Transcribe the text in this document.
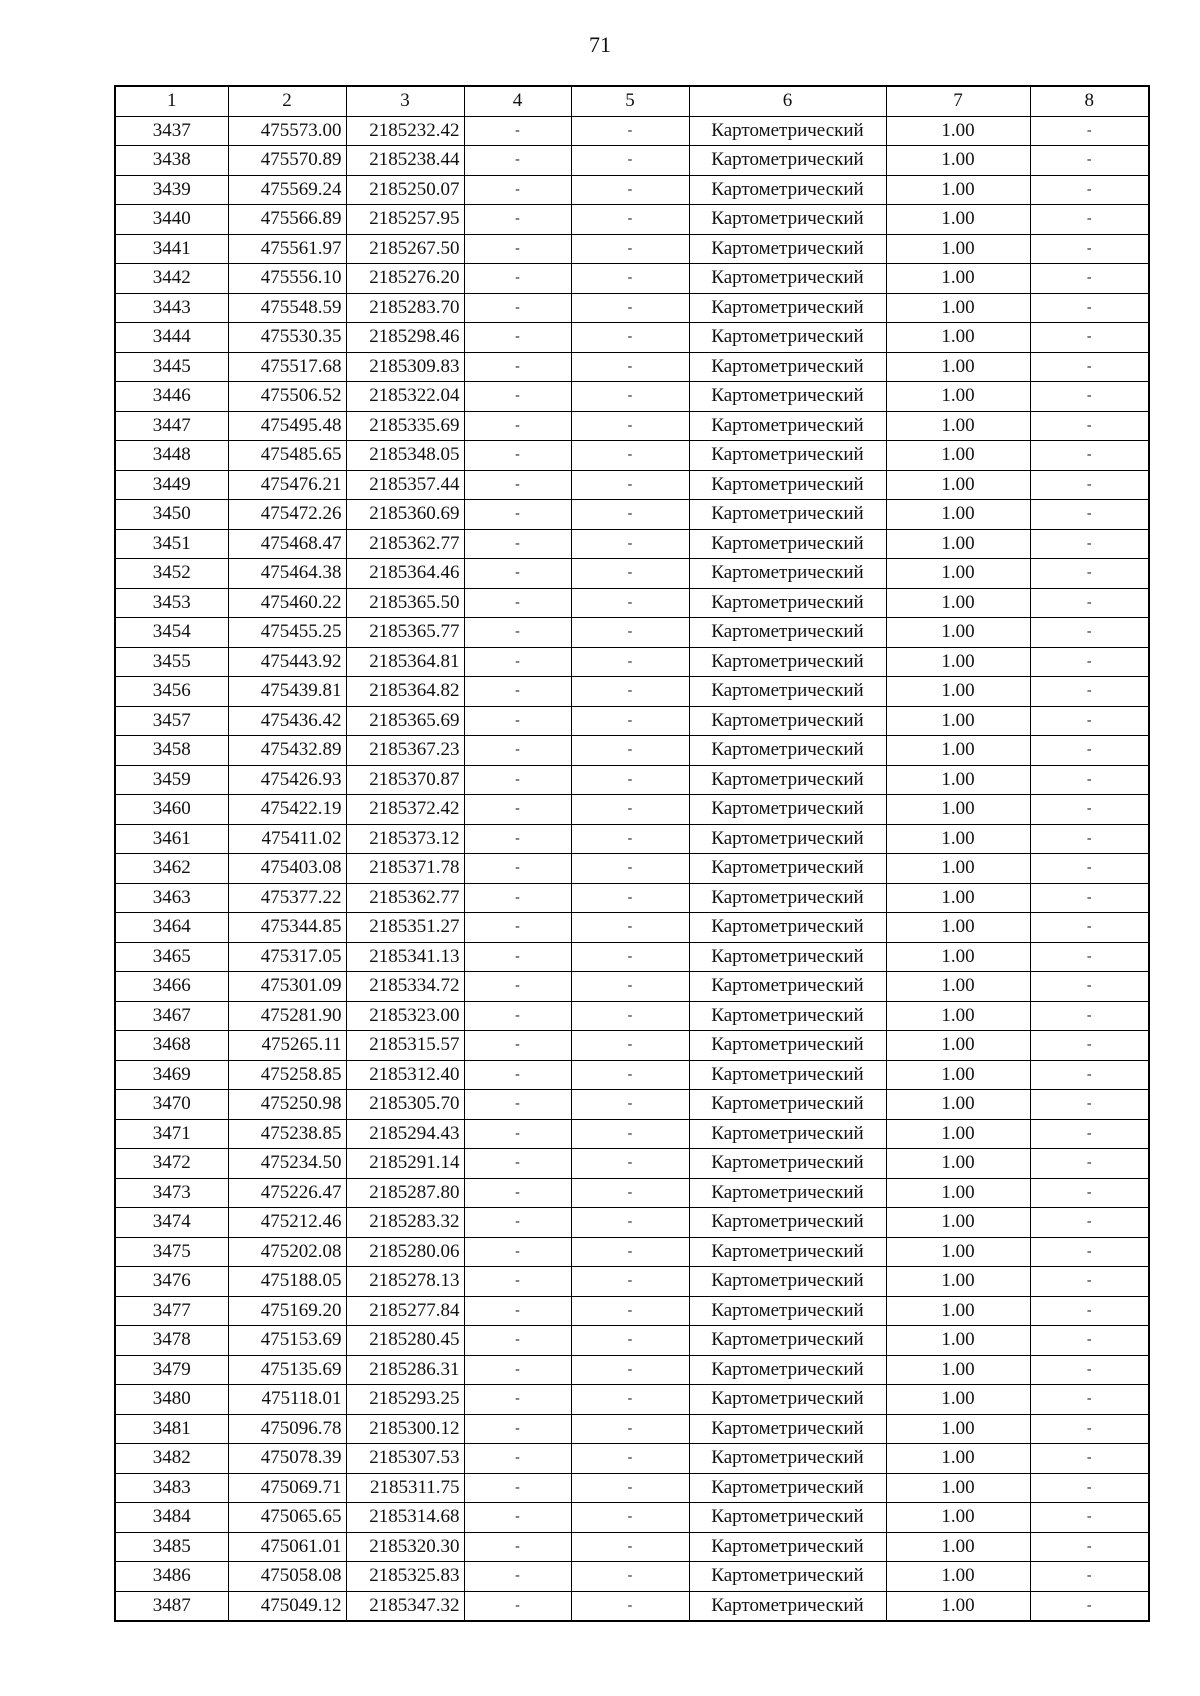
71
1	2	3	4	5	6	7	8
3437	475573.00	2185232.42	-	-	Картометрический	1.00	-
3438	475570.89	2185238.44	-	-	Картометрический	1.00	-
3439	475569.24	2185250.07	-	-	Картометрический	1.00	-
3440	475566.89	2185257.95	-	-	Картометрический	1.00	-
3441	475561.97	2185267.50	-	-	Картометрический	1.00	-
3442	475556.10	2185276.20	-	-	Картометрический	1.00	-
3443	475548.59	2185283.70	-	-	Картометрический	1.00	-
3444	475530.35	2185298.46	-	-	Картометрический	1.00	-
3445	475517.68	2185309.83	-	-	Картометрический	1.00	-
3446	475506.52	2185322.04	-	-	Картометрический	1.00	-
3447	475495.48	2185335.69	-	-	Картометрический	1.00	-
3448	475485.65	2185348.05	-	-	Картометрический	1.00	-
3449	475476.21	2185357.44	-	-	Картометрический	1.00	-
3450	475472.26	2185360.69	-	-	Картометрический	1.00	-
3451	475468.47	2185362.77	-	-	Картометрический	1.00	-
3452	475464.38	2185364.46	-	-	Картометрический	1.00	-
3453	475460.22	2185365.50	-	-	Картометрический	1.00	-
3454	475455.25	2185365.77	-	-	Картометрический	1.00	-
3455	475443.92	2185364.81	-	-	Картометрический	1.00	-
3456	475439.81	2185364.82	-	-	Картометрический	1.00	-
3457	475436.42	2185365.69	-	-	Картометрический	1.00	-
3458	475432.89	2185367.23	-	-	Картометрический	1.00	-
3459	475426.93	2185370.87	-	-	Картометрический	1.00	-
3460	475422.19	2185372.42	-	-	Картометрический	1.00	-
3461	475411.02	2185373.12	-	-	Картометрический	1.00	-
3462	475403.08	2185371.78	-	-	Картометрический	1.00	-
3463	475377.22	2185362.77	-	-	Картометрический	1.00	-
3464	475344.85	2185351.27	-	-	Картометрический	1.00	-
3465	475317.05	2185341.13	-	-	Картометрический	1.00	-
3466	475301.09	2185334.72	-	-	Картометрический	1.00	-
3467	475281.90	2185323.00	-	-	Картометрический	1.00	-
3468	475265.11	2185315.57	-	-	Картометрический	1.00	-
3469	475258.85	2185312.40	-	-	Картометрический	1.00	-
3470	475250.98	2185305.70	-	-	Картометрический	1.00	-
3471	475238.85	2185294.43	-	-	Картометрический	1.00	-
3472	475234.50	2185291.14	-	-	Картометрический	1.00	-
3473	475226.47	2185287.80	-	-	Картометрический	1.00	-
3474	475212.46	2185283.32	-	-	Картометрический	1.00	-
3475	475202.08	2185280.06	-	-	Картометрический	1.00	-
3476	475188.05	2185278.13	-	-	Картометрический	1.00	-
3477	475169.20	2185277.84	-	-	Картометрический	1.00	-
3478	475153.69	2185280.45	-	-	Картометрический	1.00	-
3479	475135.69	2185286.31	-	-	Картометрический	1.00	-
3480	475118.01	2185293.25	-	-	Картометрический	1.00	-
3481	475096.78	2185300.12	-	-	Картометрический	1.00	-
3482	475078.39	2185307.53	-	-	Картометрический	1.00	-
3483	475069.71	2185311.75	-	-	Картометрический	1.00	-
3484	475065.65	2185314.68	-	-	Картометрический	1.00	-
3485	475061.01	2185320.30	-	-	Картометрический	1.00	-
3486	475058.08	2185325.83	-	-	Картометрический	1.00	-
3487	475049.12	2185347.32	-	-	Картометрический	1.00	-
